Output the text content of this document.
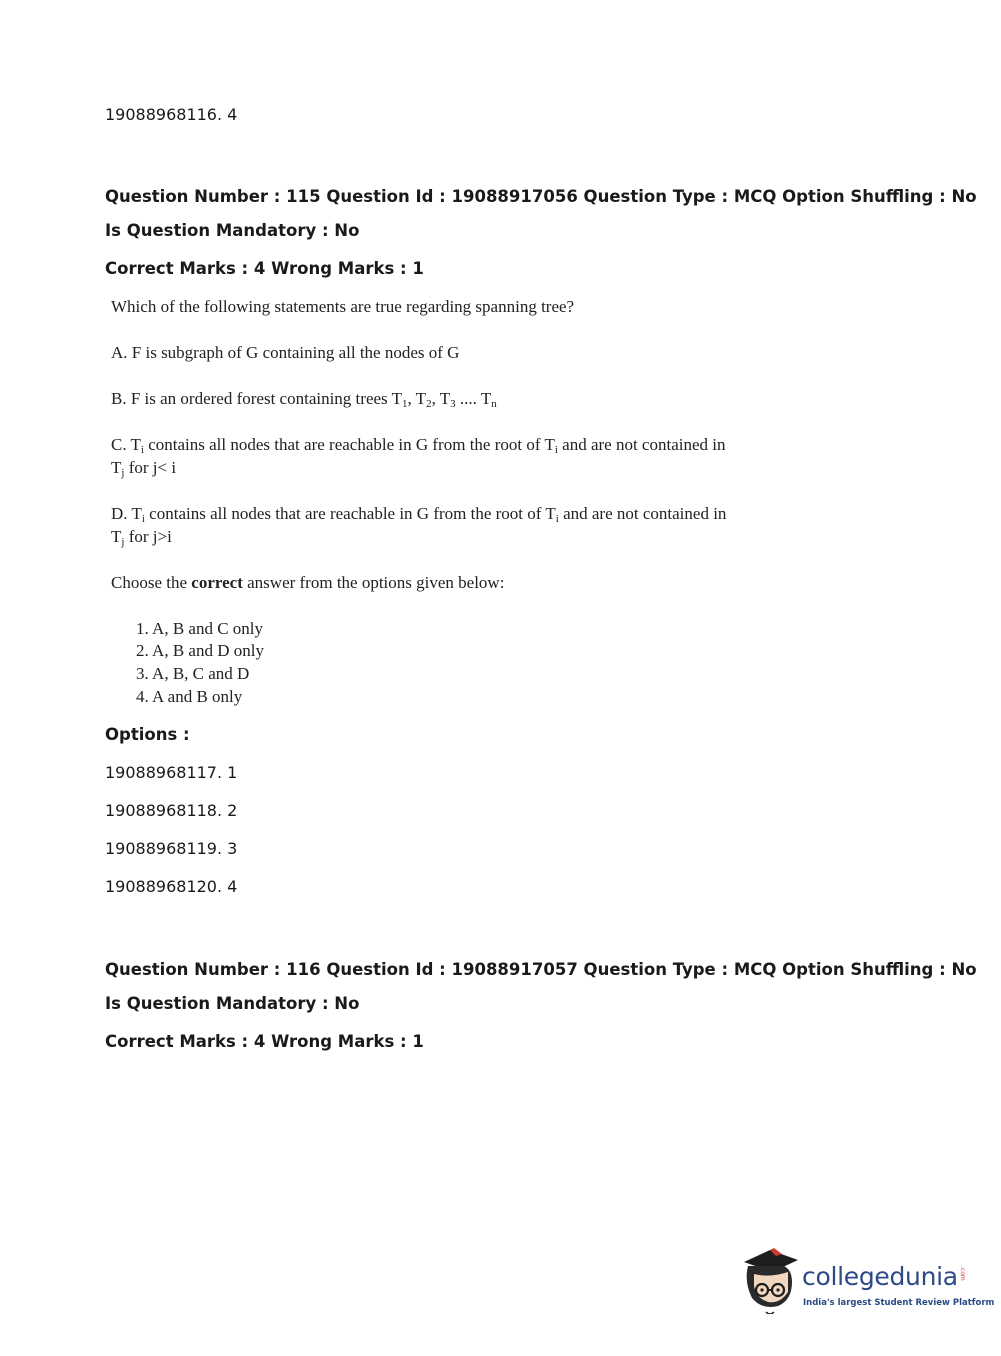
19088968116. 4
Question Number : 115 Question Id : 19088917056 Question Type : MCQ Option Shuffling : No
Is Question Mandatory : No
Correct Marks : 4 Wrong Marks : 1
Which of the following statements are true regarding spanning tree?
A. F is subgraph of G containing all the nodes of G
B. F is an ordered forest containing trees $T_1$, $T_2$, $T_3$ .... $T_n$
C. $T_i$ contains all nodes that are reachable in G from the root of $T_i$ and are not contained in
$T_j$ for j< i
D. $T_i$ contains all nodes that are reachable in G from the root of $T_i$ and are not contained in
$T_j$ for j>i
Choose the correct answer from the options given below:
1. A, B and C only
2. A, B and D only
3. A, B, C and D
4. A and B only
Options :
19088968117. 1
19088968118. 2
19088968119. 3
19088968120. 4
Question Number : 116 Question Id : 19088917057 Question Type : MCQ Option Shuffling : No
Is Question Mandatory : No
Correct Marks : 4 Wrong Marks : 1
collegedunia .com
India's largest Student Review Platform
